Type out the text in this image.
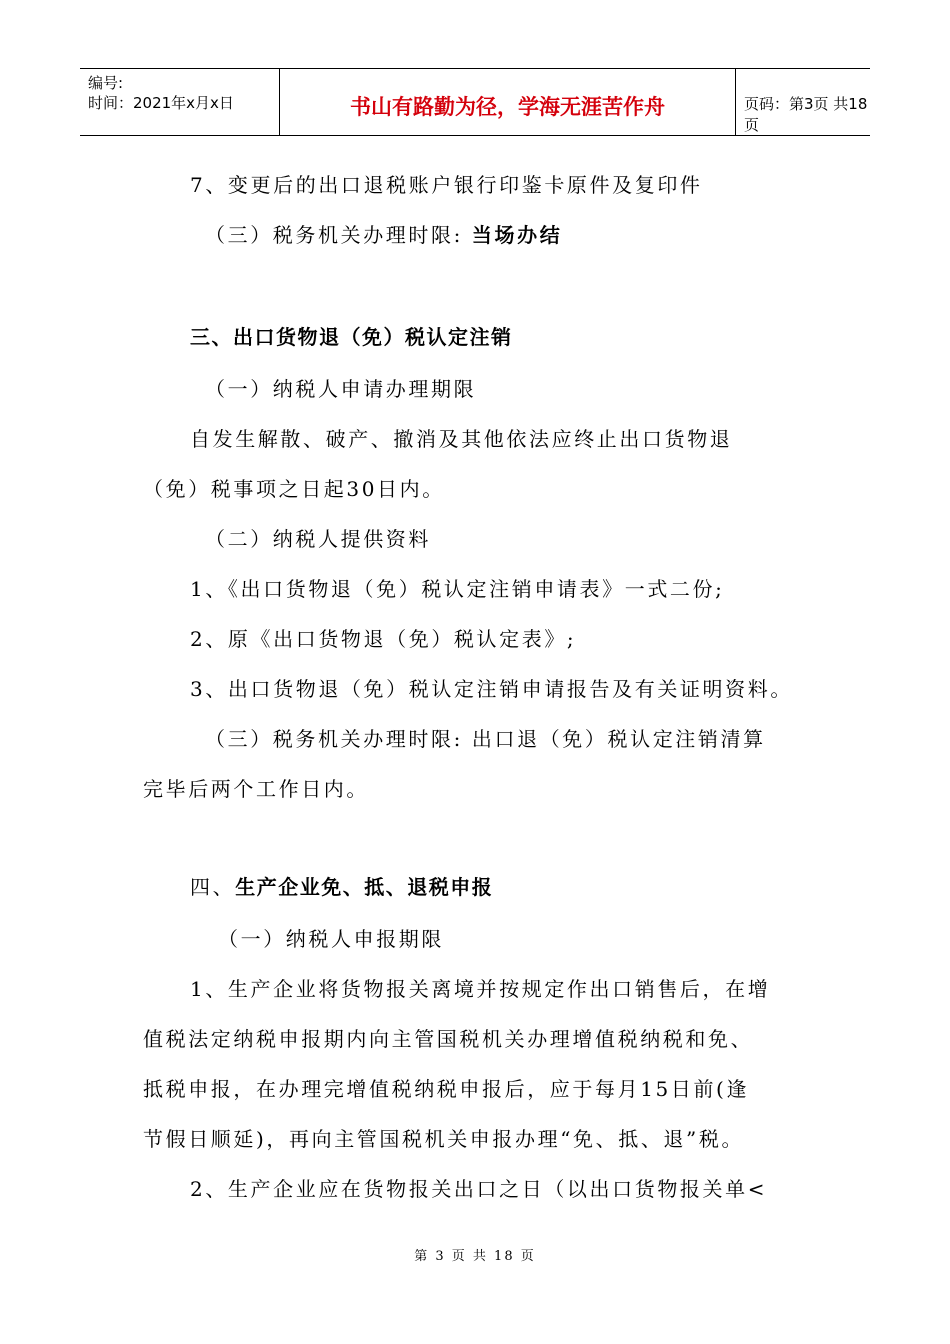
编号:
时间：2021年x月x日	书山有路勤为径，学海无涯苦作舟	页码：第3页 共18页
7、变更后的出口退税账户银行印鉴卡原件及复印件
（三）税务机关办理时限: 当场办结
三、出口货物退（免）税认定注销
（一）纳税人申请办理期限
自发生解散、破产、撤消及其他依法应终止出口货物退
（免）税事项之日起30日内。
（二）纳税人提供资料
1、《出口货物退（免）税认定注销申请表》一式二份;
2、原《出口货物退（免）税认定表》;
3、出口货物退（免）税认定注销申请报告及有关证明资料。
（三）税务机关办理时限: 出口退（免）税认定注销清算
完毕后两个工作日内。
四、生产企业免、抵、退税申报
（一）纳税人申报期限
1、生产企业将货物报关离境并按规定作出口销售后，在增
值税法定纳税申报期内向主管国税机关办理增值税纳税和免、
抵税申报，在办理完增值税纳税申报后，应于每月15日前(逢
节假日顺延)，再向主管国税机关申报办理“免、抵、退”税。
2、生产企业应在货物报关出口之日（以出口货物报关单<
第 3 页 共 18 页
